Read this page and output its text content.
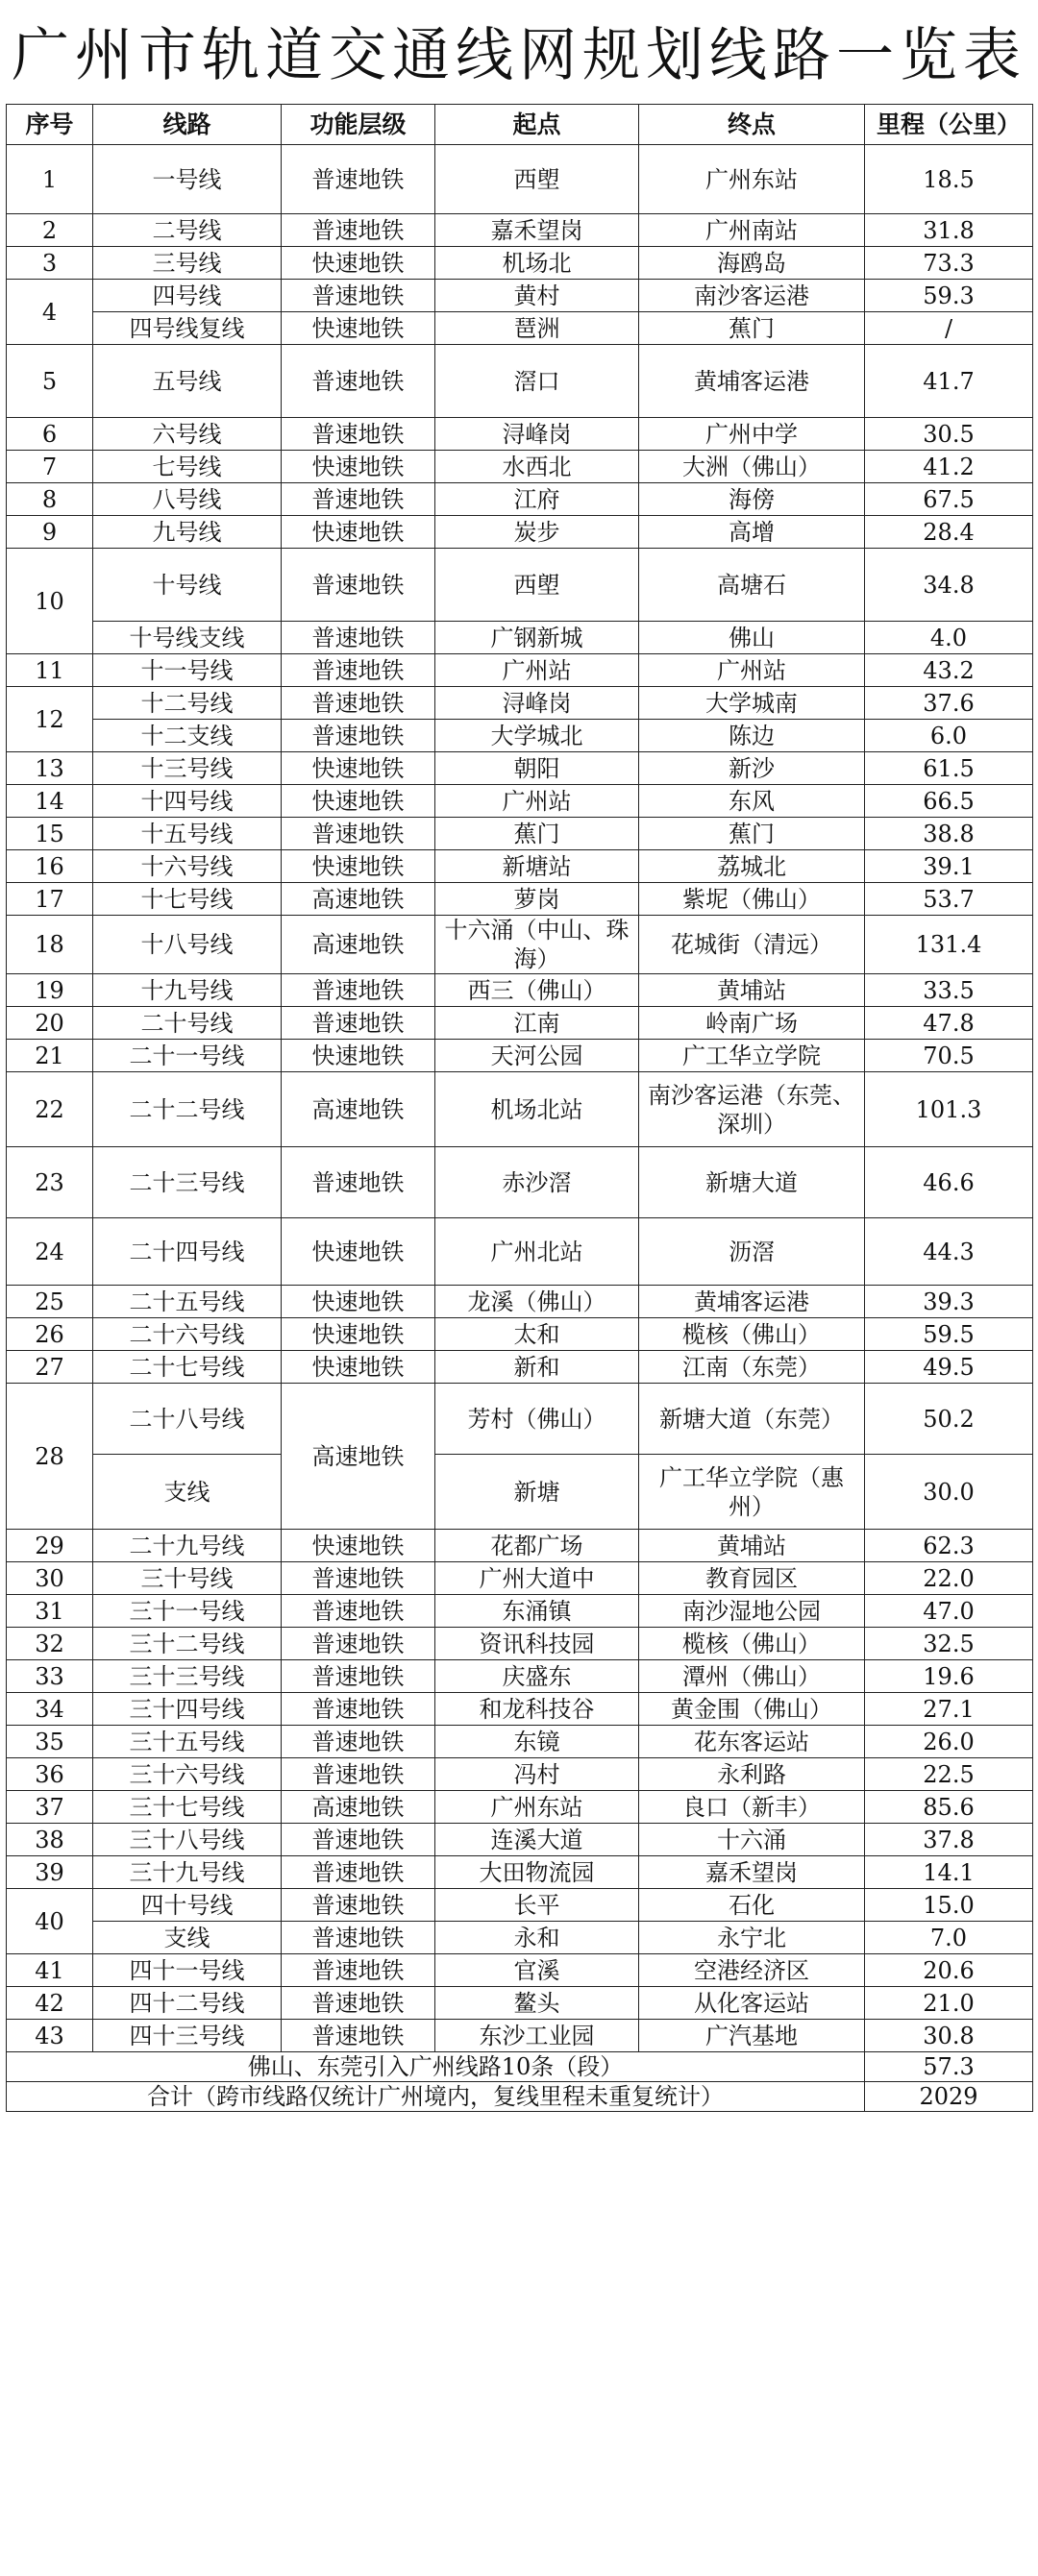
广州市轨道交通线网规划线路一览表
序号	线路	功能层级	起点	终点	里程（公里）
1	一号线	普速地铁	西塱	广州东站	18.5
2	二号线	普速地铁	嘉禾望岗	广州南站	31.8
3	三号线	快速地铁	机场北	海鸥岛	73.3
4	四号线	普速地铁	黄村	南沙客运港	59.3
	四号线复线	快速地铁	琶洲	蕉门	/
5	五号线	普速地铁	滘口	黄埔客运港	41.7
6	六号线	普速地铁	浔峰岗	广州中学	30.5
7	七号线	快速地铁	水西北	大洲（佛山）	41.2
8	八号线	普速地铁	江府	海傍	67.5
9	九号线	快速地铁	炭步	高增	28.4
10	十号线	普速地铁	西塱	高塘石	34.8
	十号线支线	普速地铁	广钢新城	佛山	4.0
11	十一号线	普速地铁	广州站	广州站	43.2
12	十二号线	普速地铁	浔峰岗	大学城南	37.6
	十二支线	普速地铁	大学城北	陈边	6.0
13	十三号线	快速地铁	朝阳	新沙	61.5
14	十四号线	快速地铁	广州站	东风	66.5
15	十五号线	普速地铁	蕉门	蕉门	38.8
16	十六号线	快速地铁	新塘站	荔城北	39.1
17	十七号线	高速地铁	萝岗	紫坭（佛山）	53.7
18	十八号线	高速地铁	十六涌（中山、珠海）	花城街（清远）	131.4
19	十九号线	普速地铁	西三（佛山）	黄埔站	33.5
20	二十号线	普速地铁	江南	岭南广场	47.8
21	二十一号线	快速地铁	天河公园	广工华立学院	70.5
22	二十二号线	高速地铁	机场北站	南沙客运港（东莞、深圳）	101.3
23	二十三号线	普速地铁	赤沙滘	新塘大道	46.6
24	二十四号线	快速地铁	广州北站	沥滘	44.3
25	二十五号线	快速地铁	龙溪（佛山）	黄埔客运港	39.3
26	二十六号线	快速地铁	太和	榄核（佛山）	59.5
27	二十七号线	快速地铁	新和	江南（东莞）	49.5
28	二十八号线	高速地铁	芳村（佛山）	新塘大道（东莞）	50.2
	支线		新塘	广工华立学院（惠州）	30.0
29	二十九号线	快速地铁	花都广场	黄埔站	62.3
30	三十号线	普速地铁	广州大道中	教育园区	22.0
31	三十一号线	普速地铁	东涌镇	南沙湿地公园	47.0
32	三十二号线	普速地铁	资讯科技园	榄核（佛山）	32.5
33	三十三号线	普速地铁	庆盛东	潭州（佛山）	19.6
34	三十四号线	普速地铁	和龙科技谷	黄金围（佛山）	27.1
35	三十五号线	普速地铁	东镜	花东客运站	26.0
36	三十六号线	普速地铁	冯村	永利路	22.5
37	三十七号线	高速地铁	广州东站	良口（新丰）	85.6
38	三十八号线	普速地铁	连溪大道	十六涌	37.8
39	三十九号线	普速地铁	大田物流园	嘉禾望岗	14.1
40	四十号线	普速地铁	长平	石化	15.0
	支线	普速地铁	永和	永宁北	7.0
41	四十一号线	普速地铁	官溪	空港经济区	20.6
42	四十二号线	普速地铁	鳌头	从化客运站	21.0
43	四十三号线	普速地铁	东沙工业园	广汽基地	30.8
佛山、东莞引入广州线路10条（段）					57.3
合计（跨市线路仅统计广州境内，复线里程未重复统计）					2029
